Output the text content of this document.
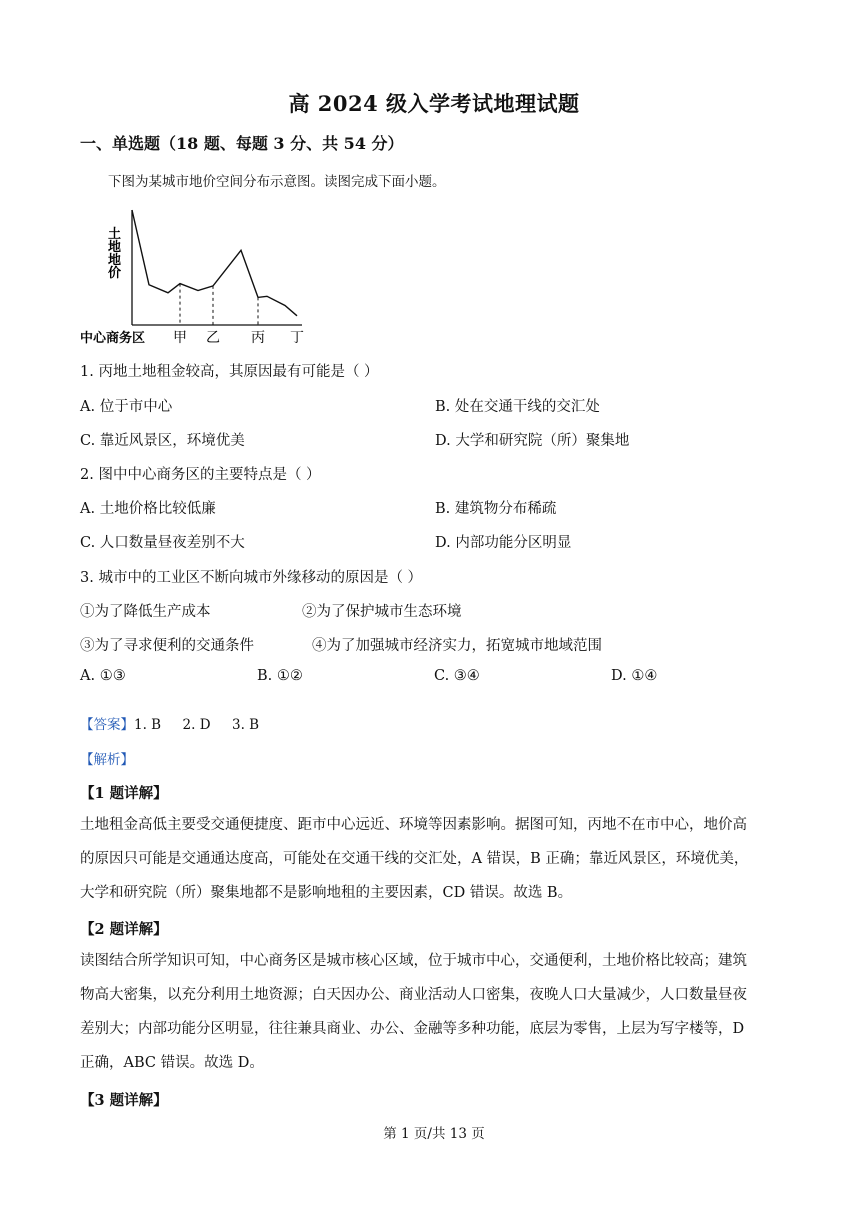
高 2024 级入学考试地理试题
一、单选题（18 题、每题 3 分、共 54 分）
下图为某城市地价空间分布示意图。读图完成下面小题。
土
地
地
价
中心商务区 甲 乙 丙 丁
1. 丙地土地租金较高，其原因最有可能是（ ）
A. 位于市中心	B. 处在交通干线的交汇处
C. 靠近风景区，环境优美	D. 大学和研究院（所）聚集地
2. 图中中心商务区的主要特点是（ ）
A. 土地价格比较低廉	B. 建筑物分布稀疏
C. 人口数量昼夜差别不大	D. 内部功能分区明显
3. 城市中的工业区不断向城市外缘移动的原因是（ ）
①为了降低生产成本	②为了保护城市生态环境
③为了寻求便利的交通条件	④为了加强城市经济实力，拓宽城市地域范围
A. ①③	B. ①②	C. ③④	D. ①④
【答案】1. B     2. D     3. B
【解析】
【1 题详解】
土地租金高低主要受交通便捷度、距市中心远近、环境等因素影响。据图可知，丙地不在市中心，地价高
的原因只可能是交通通达度高，可能处在交通干线的交汇处，A 错误，B 正确；靠近风景区，环境优美，
大学和研究院（所）聚集地都不是影响地租的主要因素，CD 错误。故选 B。
【2 题详解】
读图结合所学知识可知，中心商务区是城市核心区域，位于城市中心，交通便利，土地价格比较高；建筑
物高大密集，以充分利用土地资源；白天因办公、商业活动人口密集，夜晚人口大量减少，人口数量昼夜
差别大；内部功能分区明显，往往兼具商业、办公、金融等多种功能，底层为零售，上层为写字楼等，D
正确，ABC 错误。故选 D。
【3 题详解】
第 1 页/共 13 页
